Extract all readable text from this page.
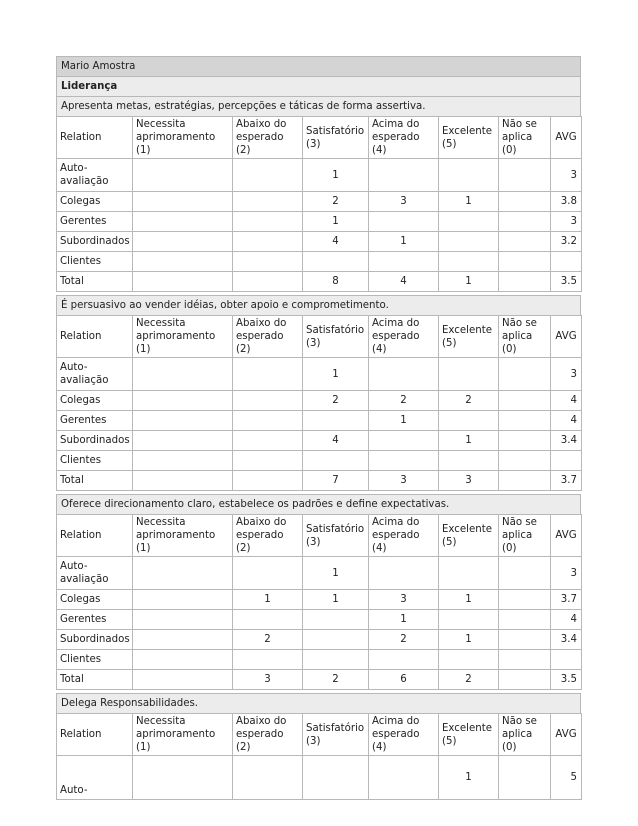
Mario Amostra
Liderança
Apresenta metas, estratégias, percepções e táticas de forma assertiva.
Relation	Necessita aprimoramento (1)	Abaixo do esperado (2)	Satisfatório (3)	Acima do esperado (4)	Excelente (5)	Não se aplica (0)	AVG
Auto-avaliação			1				3
Colegas			2	3	1		3.8
Gerentes			1				3
Subordinados			4	1			3.2
Clientes							
Total			8	4	1		3.5
É persuasivo ao vender idéias, obter apoio e comprometimento.
Relation	Necessita aprimoramento (1)	Abaixo do esperado (2)	Satisfatório (3)	Acima do esperado (4)	Excelente (5)	Não se aplica (0)	AVG
Auto-avaliação			1				3
Colegas			2	2	2		4
Gerentes				1			4
Subordinados			4		1		3.4
Clientes							
Total			7	3	3		3.7
Oferece direcionamento claro, estabelece os padrões e define expectativas.
Relation	Necessita aprimoramento (1)	Abaixo do esperado (2)	Satisfatório (3)	Acima do esperado (4)	Excelente (5)	Não se aplica (0)	AVG
Auto-avaliação			1				3
Colegas		1	1	3	1		3.7
Gerentes				1			4
Subordinados		2		2	1		3.4
Clientes							
Total		3	2	6	2		3.5
Delega Responsabilidades.
Relation	Necessita aprimoramento (1)	Abaixo do esperado (2)	Satisfatório (3)	Acima do esperado (4)	Excelente (5)	Não se aplica (0)	AVG
Auto-					1		5
